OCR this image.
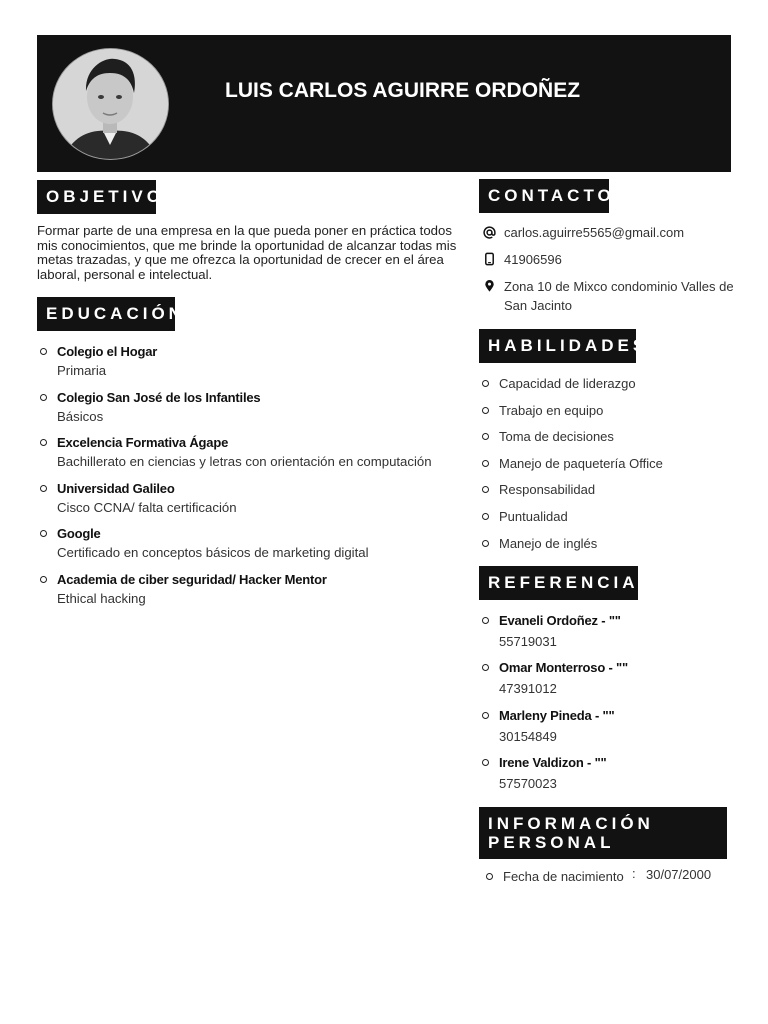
LUIS CARLOS AGUIRRE ORDOÑEZ
OBJETIVO
Formar parte de una empresa en la que pueda poner en práctica todos mis conocimientos, que me brinde la oportunidad de alcanzar todas mis metas trazadas, y que me ofrezca la oportunidad de crecer en el área laboral, personal e intelectual.
EDUCACIÓN
Colegio el Hogar
Primaria
Colegio San José de los Infantiles
Básicos
Excelencia Formativa Ágape
Bachillerato en ciencias y letras con orientación en computación
Universidad Galileo
Cisco CCNA/ falta certificación
Google
Certificado en conceptos básicos de marketing digital
Academia de ciber seguridad/ Hacker Mentor
Ethical hacking
CONTACTO
carlos.aguirre5565@gmail.com
41906596
Zona 10 de Mixco condominio Valles de San Jacinto
HABILIDADES
Capacidad de liderazgo
Trabajo en equipo
Toma de decisiones
Manejo de paquetería Office
Responsabilidad
Puntualidad
Manejo de inglés
REFERENCIAS
Evaneli Ordoñez - ""
55719031
Omar Monterroso - ""
47391012
Marleny Pineda - ""
30154849
Irene Valdizon - ""
57570023
INFORMACIÓN PERSONAL
Fecha de nacimiento : 30/07/2000
